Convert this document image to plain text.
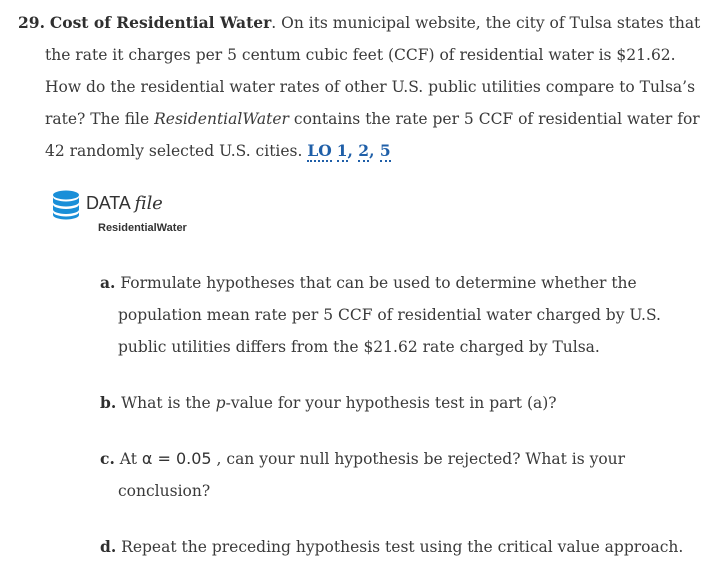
29. Cost of Residential Water. On its municipal website, the city of Tulsa states that
the rate it charges per 5 centum cubic feet (CCF) of residential water is $21.62.
How do the residential water rates of other U.S. public utilities compare to Tulsa’s
rate? The file ResidentialWater contains the rate per 5 CCF of residential water for
42 randomly selected U.S. cities. LO 1, 2, 5
DATA file
ResidentialWater
a. Formulate hypotheses that can be used to determine whether the
population mean rate per 5 CCF of residential water charged by U.S.
public utilities differs from the $21.62 rate charged by Tulsa.
b. What is the p-value for your hypothesis test in part (a)?
c. At α = 0.05 , can your null hypothesis be rejected? What is your
conclusion?
d. Repeat the preceding hypothesis test using the critical value approach.
